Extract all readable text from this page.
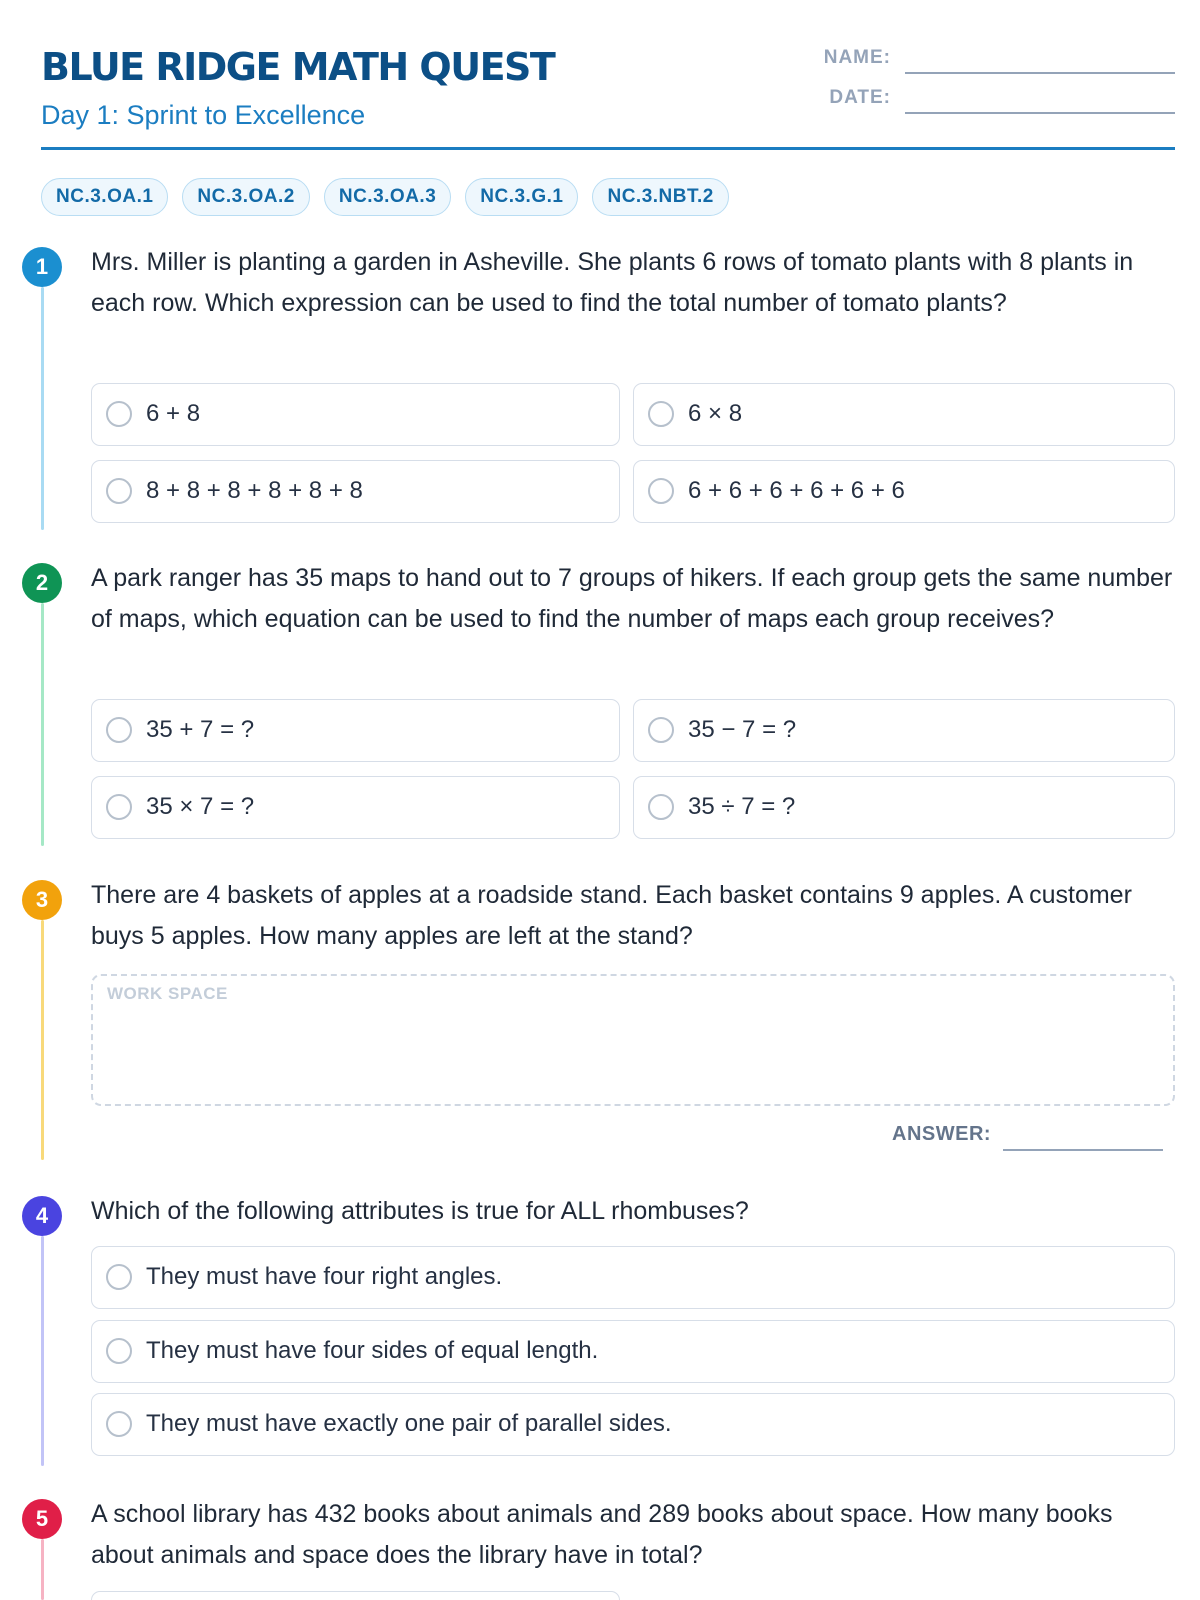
BLUE RIDGE MATH QUEST
Day 1: Sprint to Excellence
NAME:
DATE:
NC.3.OA.1	NC.3.OA.2	NC.3.OA.3	NC.3.G.1	NC.3.NBT.2
1	Mrs. Miller is planting a garden in Asheville. She plants 6 rows of tomato plants with 8 plants in each row. Which expression can be used to find the total number of tomato plants?
6 + 8	6 × 8
8 + 8 + 8 + 8 + 8 + 8	6 + 6 + 6 + 6 + 6 + 6
2	A park ranger has 35 maps to hand out to 7 groups of hikers. If each group gets the same number of maps, which equation can be used to find the number of maps each group receives?
35 + 7 = ?	35 − 7 = ?
35 × 7 = ?	35 ÷ 7 = ?
3	There are 4 baskets of apples at a roadside stand. Each basket contains 9 apples. A customer buys 5 apples. How many apples are left at the stand?
WORK SPACE
ANSWER:
4	Which of the following attributes is true for ALL rhombuses?
They must have four right angles.
They must have four sides of equal length.
They must have exactly one pair of parallel sides.
5	A school library has 432 books about animals and 289 books about space. How many books about animals and space does the library have in total?
